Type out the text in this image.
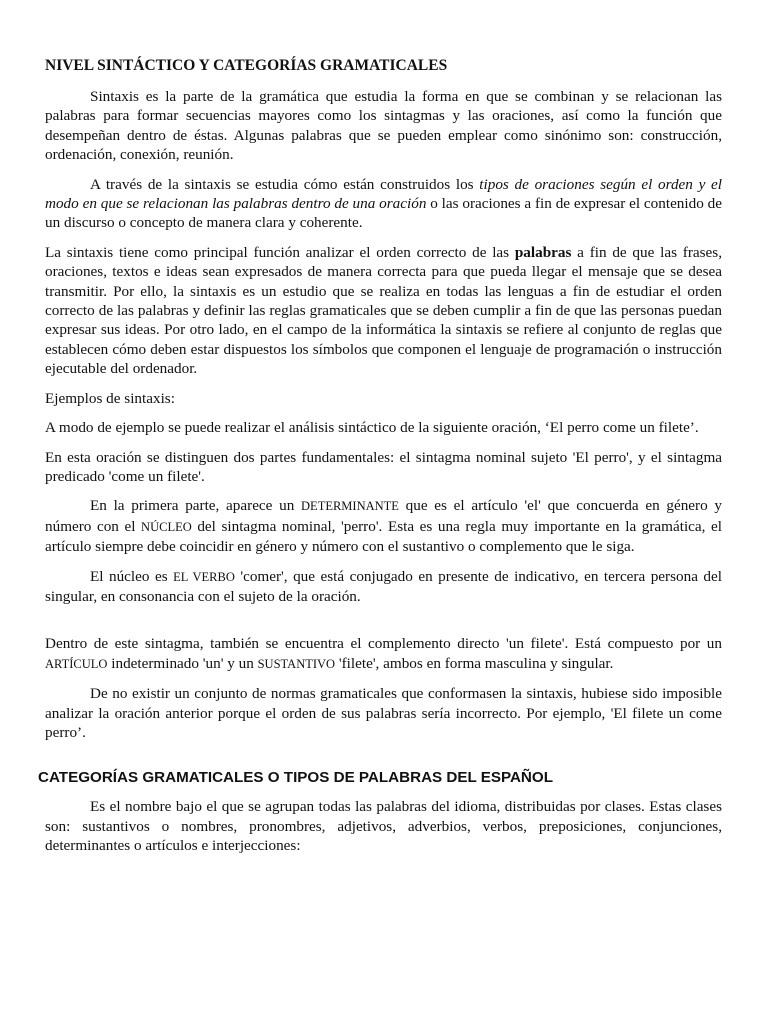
NIVEL SINTÁCTICO Y CATEGORÍAS GRAMATICALES

Sintaxis es la parte de la gramática que estudia la forma en que se combinan y se relacionan las palabras para formar secuencias mayores como los sintagmas y las oraciones, así como la función que desempeñan dentro de éstas. Algunas palabras que se pueden emplear como sinónimo son: construcción, ordenación, conexión, reunión.

A través de la sintaxis se estudia cómo están construidos los tipos de oraciones según el orden y el modo en que se relacionan las palabras dentro de una oración o las oraciones a fin de expresar el contenido de un discurso o concepto de manera clara y coherente.

La sintaxis tiene como principal función analizar el orden correcto de las palabras a fin de que las frases, oraciones, textos e ideas sean expresados de manera correcta para que pueda llegar el mensaje que se desea transmitir. Por ello, la sintaxis es un estudio que se realiza en todas las lenguas a fin de estudiar el orden correcto de las palabras y definir las reglas gramaticales que se deben cumplir a fin de que las personas puedan expresar sus ideas. Por otro lado, en el campo de la informática la sintaxis se refiere al conjunto de reglas que establecen cómo deben estar dispuestos los símbolos que componen el lenguaje de programación o instrucción ejecutable del ordenador.

Ejemplos de sintaxis:

A modo de ejemplo se puede realizar el análisis sintáctico de la siguiente oración, ‘El perro come un filete’.

En esta oración se distinguen dos partes fundamentales: el sintagma nominal sujeto 'El perro', y el sintagma predicado 'come un filete'.

En la primera parte, aparece un DETERMINANTE que es el artículo 'el' que concuerda en género y número con el NÚCLEO del sintagma nominal, 'perro'. Esta es una regla muy importante en la gramática, el artículo siempre debe coincidir en género y número con el sustantivo o complemento que le siga.

El núcleo es EL VERBO 'comer', que está conjugado en presente de indicativo, en tercera persona del singular, en consonancia con el sujeto de la oración.

Dentro de este sintagma, también se encuentra el complemento directo 'un filete'. Está compuesto por un ARTÍCULO indeterminado 'un' y un SUSTANTIVO 'filete', ambos en forma masculina y singular.

De no existir un conjunto de normas gramaticales que conformasen la sintaxis, hubiese sido imposible analizar la oración anterior porque el orden de sus palabras sería incorrecto. Por ejemplo, 'El filete un come perro’.

CATEGORÍAS GRAMATICALES O TIPOS DE PALABRAS DEL ESPAÑOL

Es el nombre bajo el que se agrupan todas las palabras del idioma, distribuidas por clases. Estas clases son: sustantivos o nombres, pronombres, adjetivos, adverbios, verbos, preposiciones, conjunciones, determinantes o artículos e interjecciones:
